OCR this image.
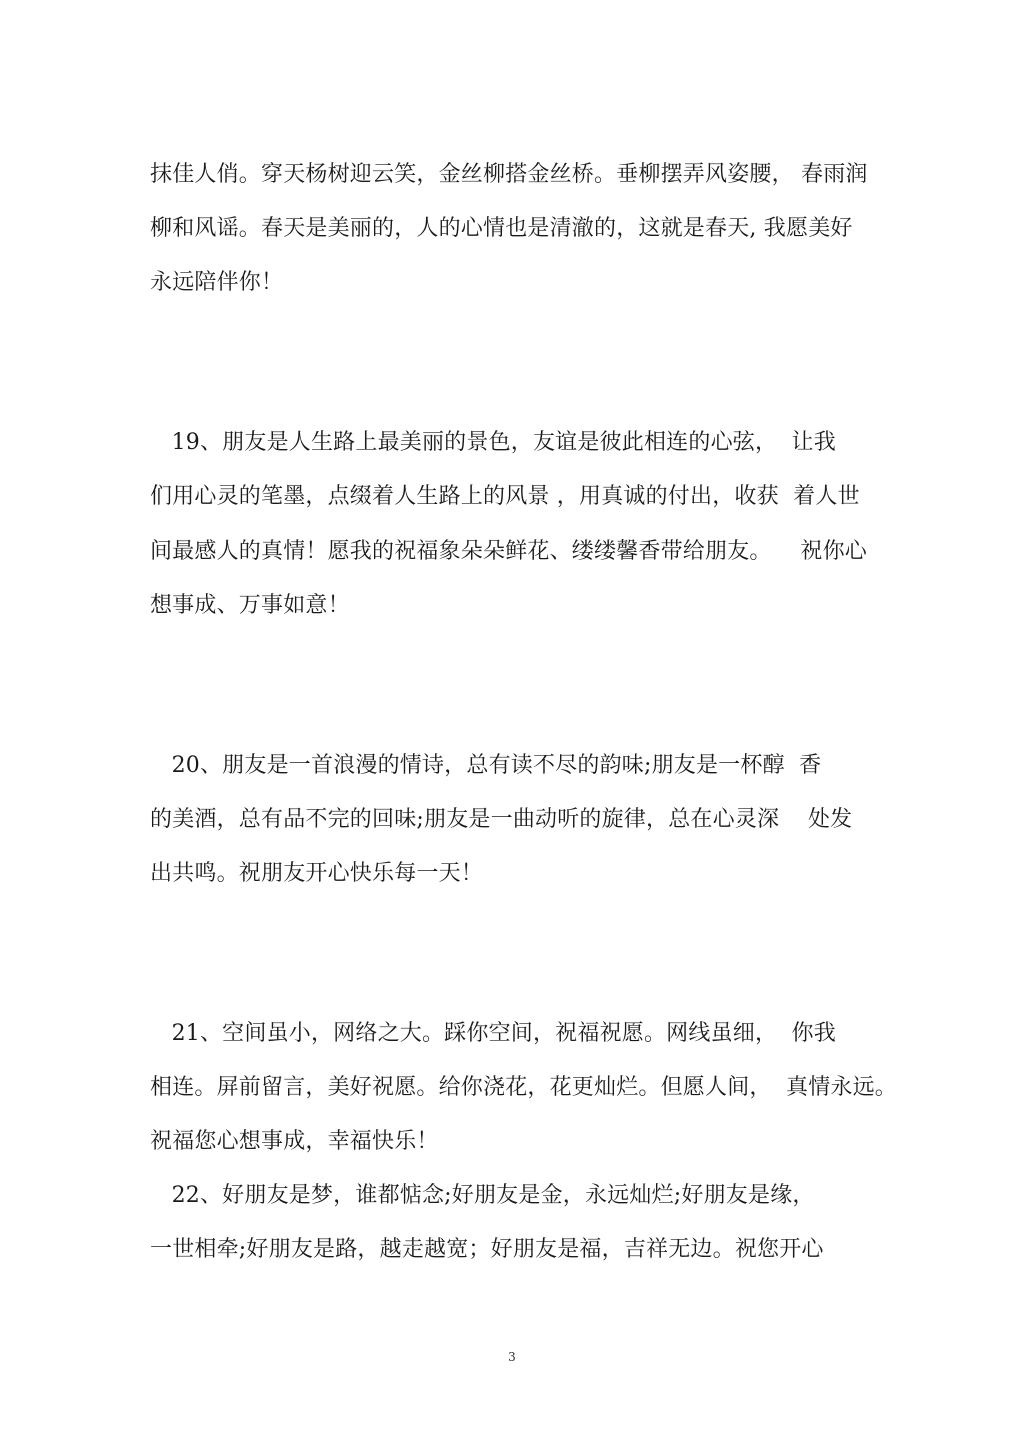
抹佳人俏。穿天杨树迎云笑，金丝柳搭金丝桥。垂柳摆弄风姿腰， 春雨润
柳和风谣。春天是美丽的，人的心情也是清澈的，这就是春天, 我愿美好
永远陪伴你！
19、朋友是人生路上最美丽的景色，友谊是彼此相连的心弦，  让我
们用心灵的笔墨，点缀着人生路上的风景 ，用真诚的付出，收获  着人世
间最感人的真情！愿我的祝福象朵朵鲜花、缕缕馨香带给朋友。    祝你心
想事成、万事如意！
20、朋友是一首浪漫的情诗，总有读不尽的韵味;朋友是一杯醇  香
的美酒，总有品不完的回味;朋友是一曲动听的旋律，总在心灵深    处发
出共鸣。祝朋友开心快乐每一天！
21、空间虽小，网络之大。踩你空间，祝福祝愿。网线虽细，  你我
相连。屏前留言，美好祝愿。给你浇花，花更灿烂。但愿人间，  真情永远。
祝福您心想事成，幸福快乐！
22、好朋友是梦，谁都惦念;好朋友是金，永远灿烂;好朋友是缘，
一世相牵;好朋友是路，越走越宽；好朋友是福，吉祥无边。祝您开心
3
